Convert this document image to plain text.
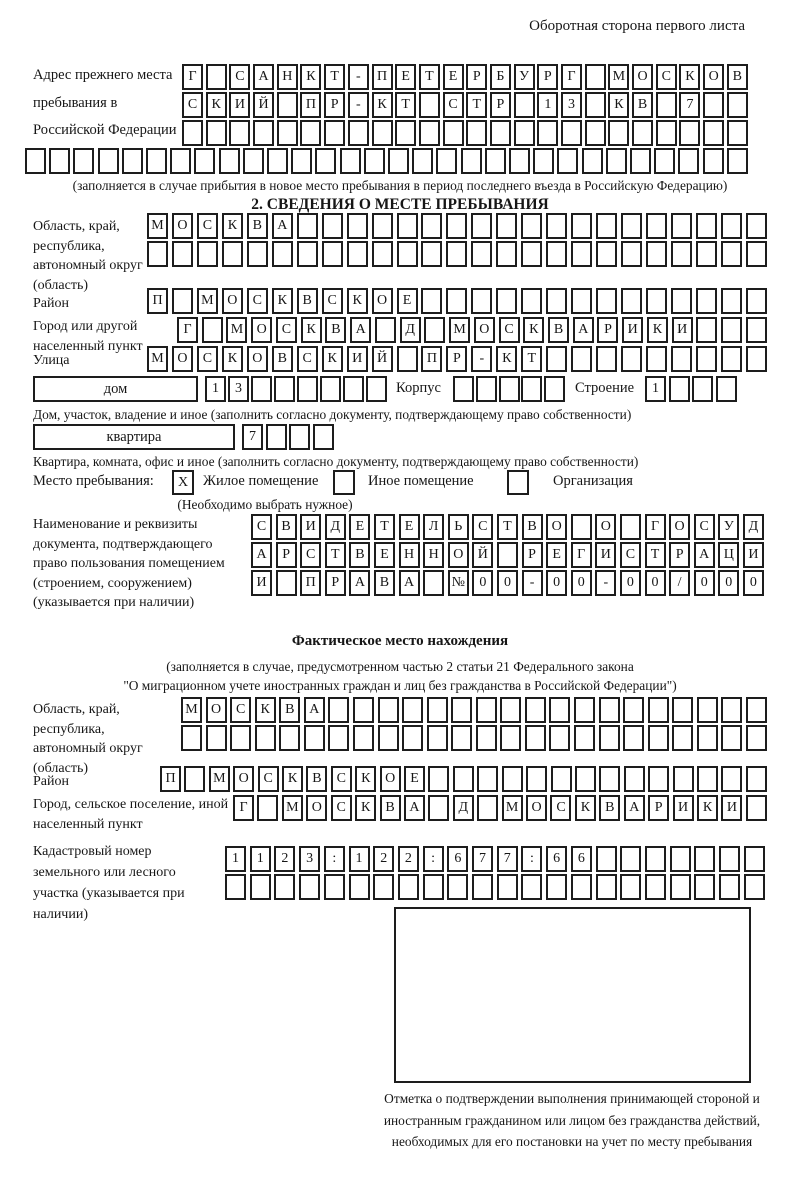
Оборотная сторона первого листа
Адрес прежнего места пребывания в Российской Федерации
Г	С А Н К	Т	-	П	Е	Т	Е	Р	Б	У	Р	Г	М О С	К О В
С	К И Й	П	Р	-	К	Т	С	Т	Р	1	3	К	В	7
(заполняется в случае прибытия в новое место пребывания в период последнего въезда в Российскую Федерацию)
2. СВЕДЕНИЯ О МЕСТЕ ПРЕБЫВАНИЯ
Область, край, республика, автономный округ (область)
М О	С	К	В	А
Район	П	М О	С	К	В	С	К	О	Е
Город или другой населенный пункт
Г	М О	С	К	В	А	Д	М О	С	К	В	А	Р	И	К	И
Улица	М О	С	К	О	В	С	К	И	Й	П	Р	-	К	Т
дом	1	3	Корпус	Строение	1
Дом, участок, владение и иное (заполнить согласно документу, подтверждающему право собственности)
квартира	7
Квартира, комната, офис и иное (заполнить согласно документу, подтверждающему право собственности)
Место пребывания:	X	Жилое помещение	Иное помещение	Организация
(Необходимо выбрать нужное)
Наименование и реквизиты документа, подтверждающего право пользования помещением (строением, сооружением) (указывается при наличии)
С	В	И	Д	Е	Т	Е	Л	Ь	С	Т	В	О	О	Г	О	С	У	Д
А	Р	С	Т	В	Е	Н	Н	О	Й	Р	Е	Г	И	С	Т	Р	А	Ц	И
И	П	Р	А	В	А	№	0	0	-	0	0	-	0	0	/	0	0	0
Фактическое место нахождения
(заполняется в случае, предусмотренном частью 2 статьи 21 Федерального закона
"О миграционном учете иностранных граждан и лиц без гражданства в Российской Федерации")
Область, край, республика, автономный округ (область)
М О	С	К	В	А
Район	П	М О	С	К	В	С	К	О	Е
Город, сельское поселение, иной населенный пункт
Г	М О	С	К	В	А	Д	М О	С	К	В	А	Р	И	К	И
Кадастровый номер земельного или лесного участка (указывается при наличии)
1	1	2	3	:	1	2	2	:	6	7	7	:	6	6
Отметка о подтверждении выполнения принимающей стороной и иностранным гражданином или лицом без гражданства действий, необходимых для его постановки на учет по месту пребывания
